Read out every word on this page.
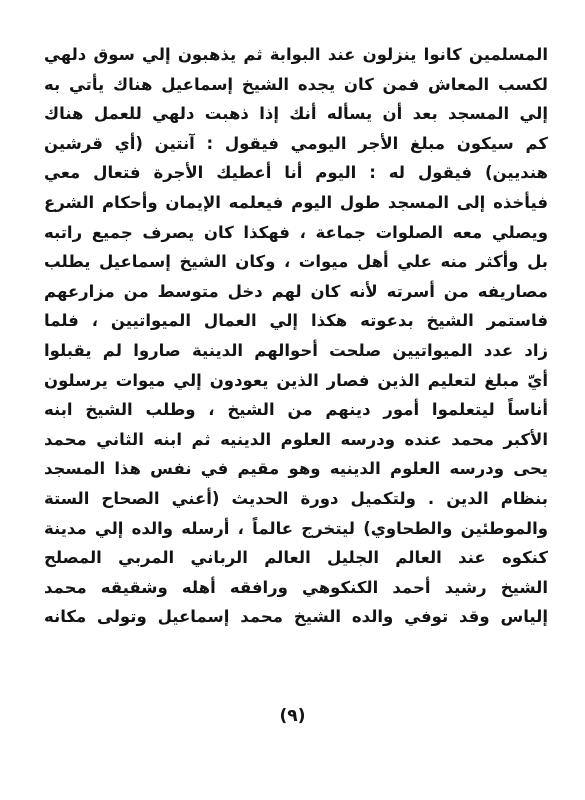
المسلمين كانوا ينزلون عند البوابة ثم يذهبون إلي سوق دلهي
لكسب المعاش فمن كان يجده الشيخ إسماعيل هناك يأتي به
إلي المسجد بعد أن يسأله أنك إذا ذهبت دلهي للعمل هناك
كم سيكون مبلغ الأجر اليومي فيقول : آنتين (أي قرشين
هنديين) فيقول له : اليوم أنا أعطيك الأجرة فتعال معي
فيأخذه إلى المسجد طول اليوم فيعلمه الإيمان وأحكام الشرع
ويصلي معه الصلوات جماعة ، فهكذا كان يصرف جميع راتبه
بل وأكثر منه علي أهل ميوات ، وكان الشيخ إسماعيل يطلب
مصاريفه من أسرته لأنه كان لهم دخل متوسط من مزارعهم
فاستمر الشيخ بدعوته هكذا إلي العمال الميواتيين ، فلما
زاد عدد الميواتيين صلحت أحوالهم الدينية صاروا لم يقبلوا
أيّ مبلغ لتعليم الذين فصار الذين يعودون إلي ميوات يرسلون
أناساً ليتعلموا أمور دينهم من الشيخ ، وطلب الشيخ ابنه
الأكبر محمد عنده ودرسه العلوم الدينيه ثم ابنه الثاني محمد
يحى ودرسه العلوم الدينيه وهو مقيم في نفس هذا المسجد
بنظام الدين . ولتكميل دورة الحديث (أعني الصحاح الستة
والموطئين والطحاوي) ليتخرج عالماً ، أرسله والده إلي مدينة
كنكوه عند العالم الجليل العالم الرباني المربي المصلح
الشيخ رشيد أحمد الكنكوهي ورافقه أهله وشقيقه محمد
إلياس وقد توفي والده الشيخ محمد إسماعيل وتولى مكانه
(٩)
